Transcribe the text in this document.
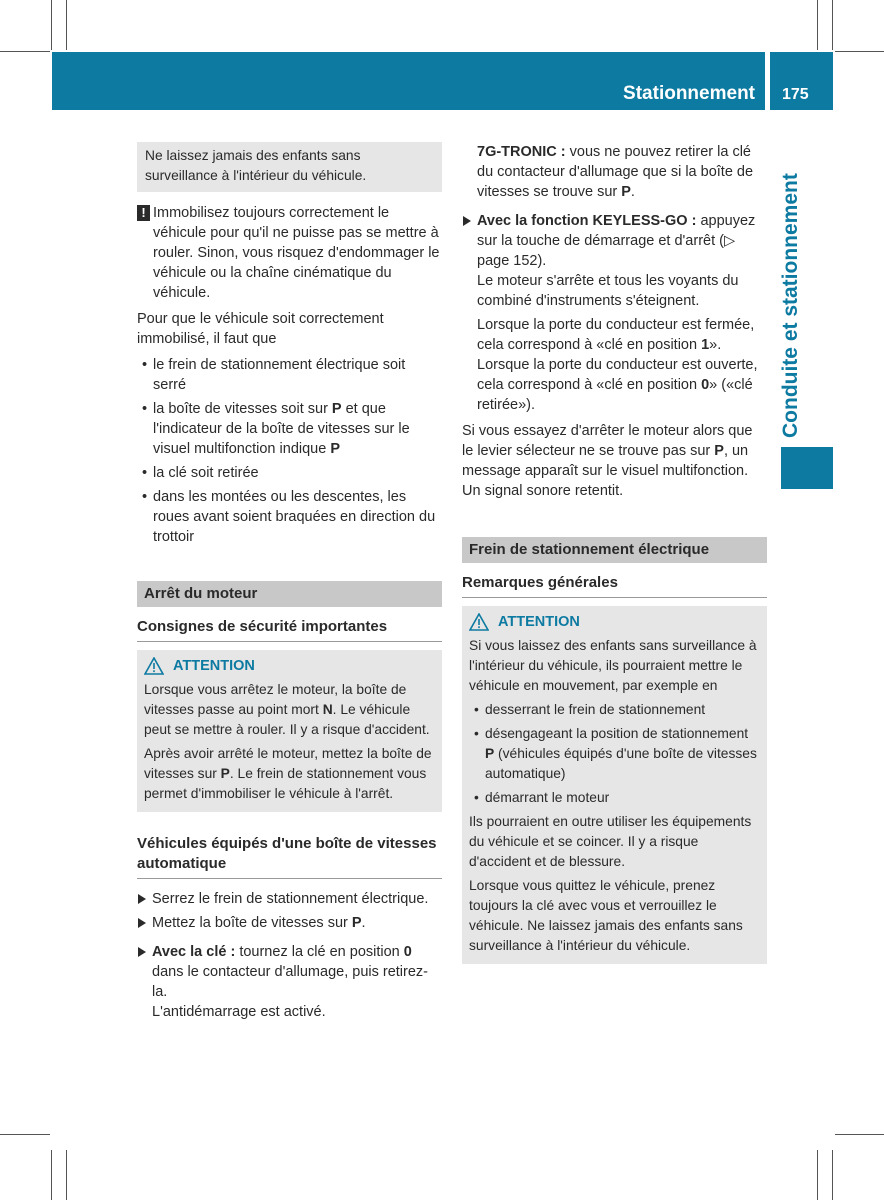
Stationnement 175
Conduite et stationnement

Ne laissez jamais des enfants sans surveillance à l'intérieur du véhicule.

! Immobilisez toujours correctement le véhicule pour qu'il ne puisse pas se mettre à rouler. Sinon, vous risquez d'endommager le véhicule ou la chaîne cinématique du véhicule.

Pour que le véhicule soit correctement immobilisé, il faut que

• le frein de stationnement électrique soit serré
• la boîte de vitesses soit sur P et que l'indicateur de la boîte de vitesses sur le visuel multifonction indique P
• la clé soit retirée
• dans les montées ou les descentes, les roues avant soient braquées en direction du trottoir
Arrêt du moteur
Consignes de sécurité importantes
ATTENTION

Lorsque vous arrêtez le moteur, la boîte de vitesses passe au point mort N. Le véhicule peut se mettre à rouler. Il y a risque d'accident.

Après avoir arrêté le moteur, mettez la boîte de vitesses sur P. Le frein de stationnement vous permet d'immobiliser le véhicule à l'arrêt.

Véhicules équipés d'une boîte de vitesses automatique

Serrez le frein de stationnement électrique.

Mettez la boîte de vitesses sur P.

Avec la clé : tournez la clé en position 0 dans le contacteur d'allumage, puis retirez-la.

L'antidémarrage est activé.

7G-TRONIC : vous ne pouvez retirer la clé du contacteur d'allumage que si la boîte de vitesses se trouve sur P.

Avec la fonction KEYLESS-GO : appuyez sur la touche de démarrage et d'arrêt (▷ page 152).

Le moteur s'arrête et tous les voyants du combiné d'instruments s'éteignent.

Lorsque la porte du conducteur est fermée, cela correspond à «clé en position 1». Lorsque la porte du conducteur est ouverte, cela correspond à «clé en position 0» («clé retirée»).

Si vous essayez d'arrêter le moteur alors que le levier sélecteur ne se trouve pas sur P, un message apparaît sur le visuel multifonction. Un signal sonore retentit.

Frein de stationnement électrique
Remarques générales
ATTENTION

Si vous laissez des enfants sans surveillance à l'intérieur du véhicule, ils pourraient mettre le véhicule en mouvement, par exemple en

• desserrant le frein de stationnement
• désengageant la position de stationnement P (véhicules équipés d'une boîte de vitesses automatique)
• démarrant le moteur

Ils pourraient en outre utiliser les équipements du véhicule et se coincer. Il y a risque d'accident et de blessure.

Lorsque vous quittez le véhicule, prenez toujours la clé avec vous et verrouillez le véhicule. Ne laissez jamais des enfants sans surveillance à l'intérieur du véhicule.
